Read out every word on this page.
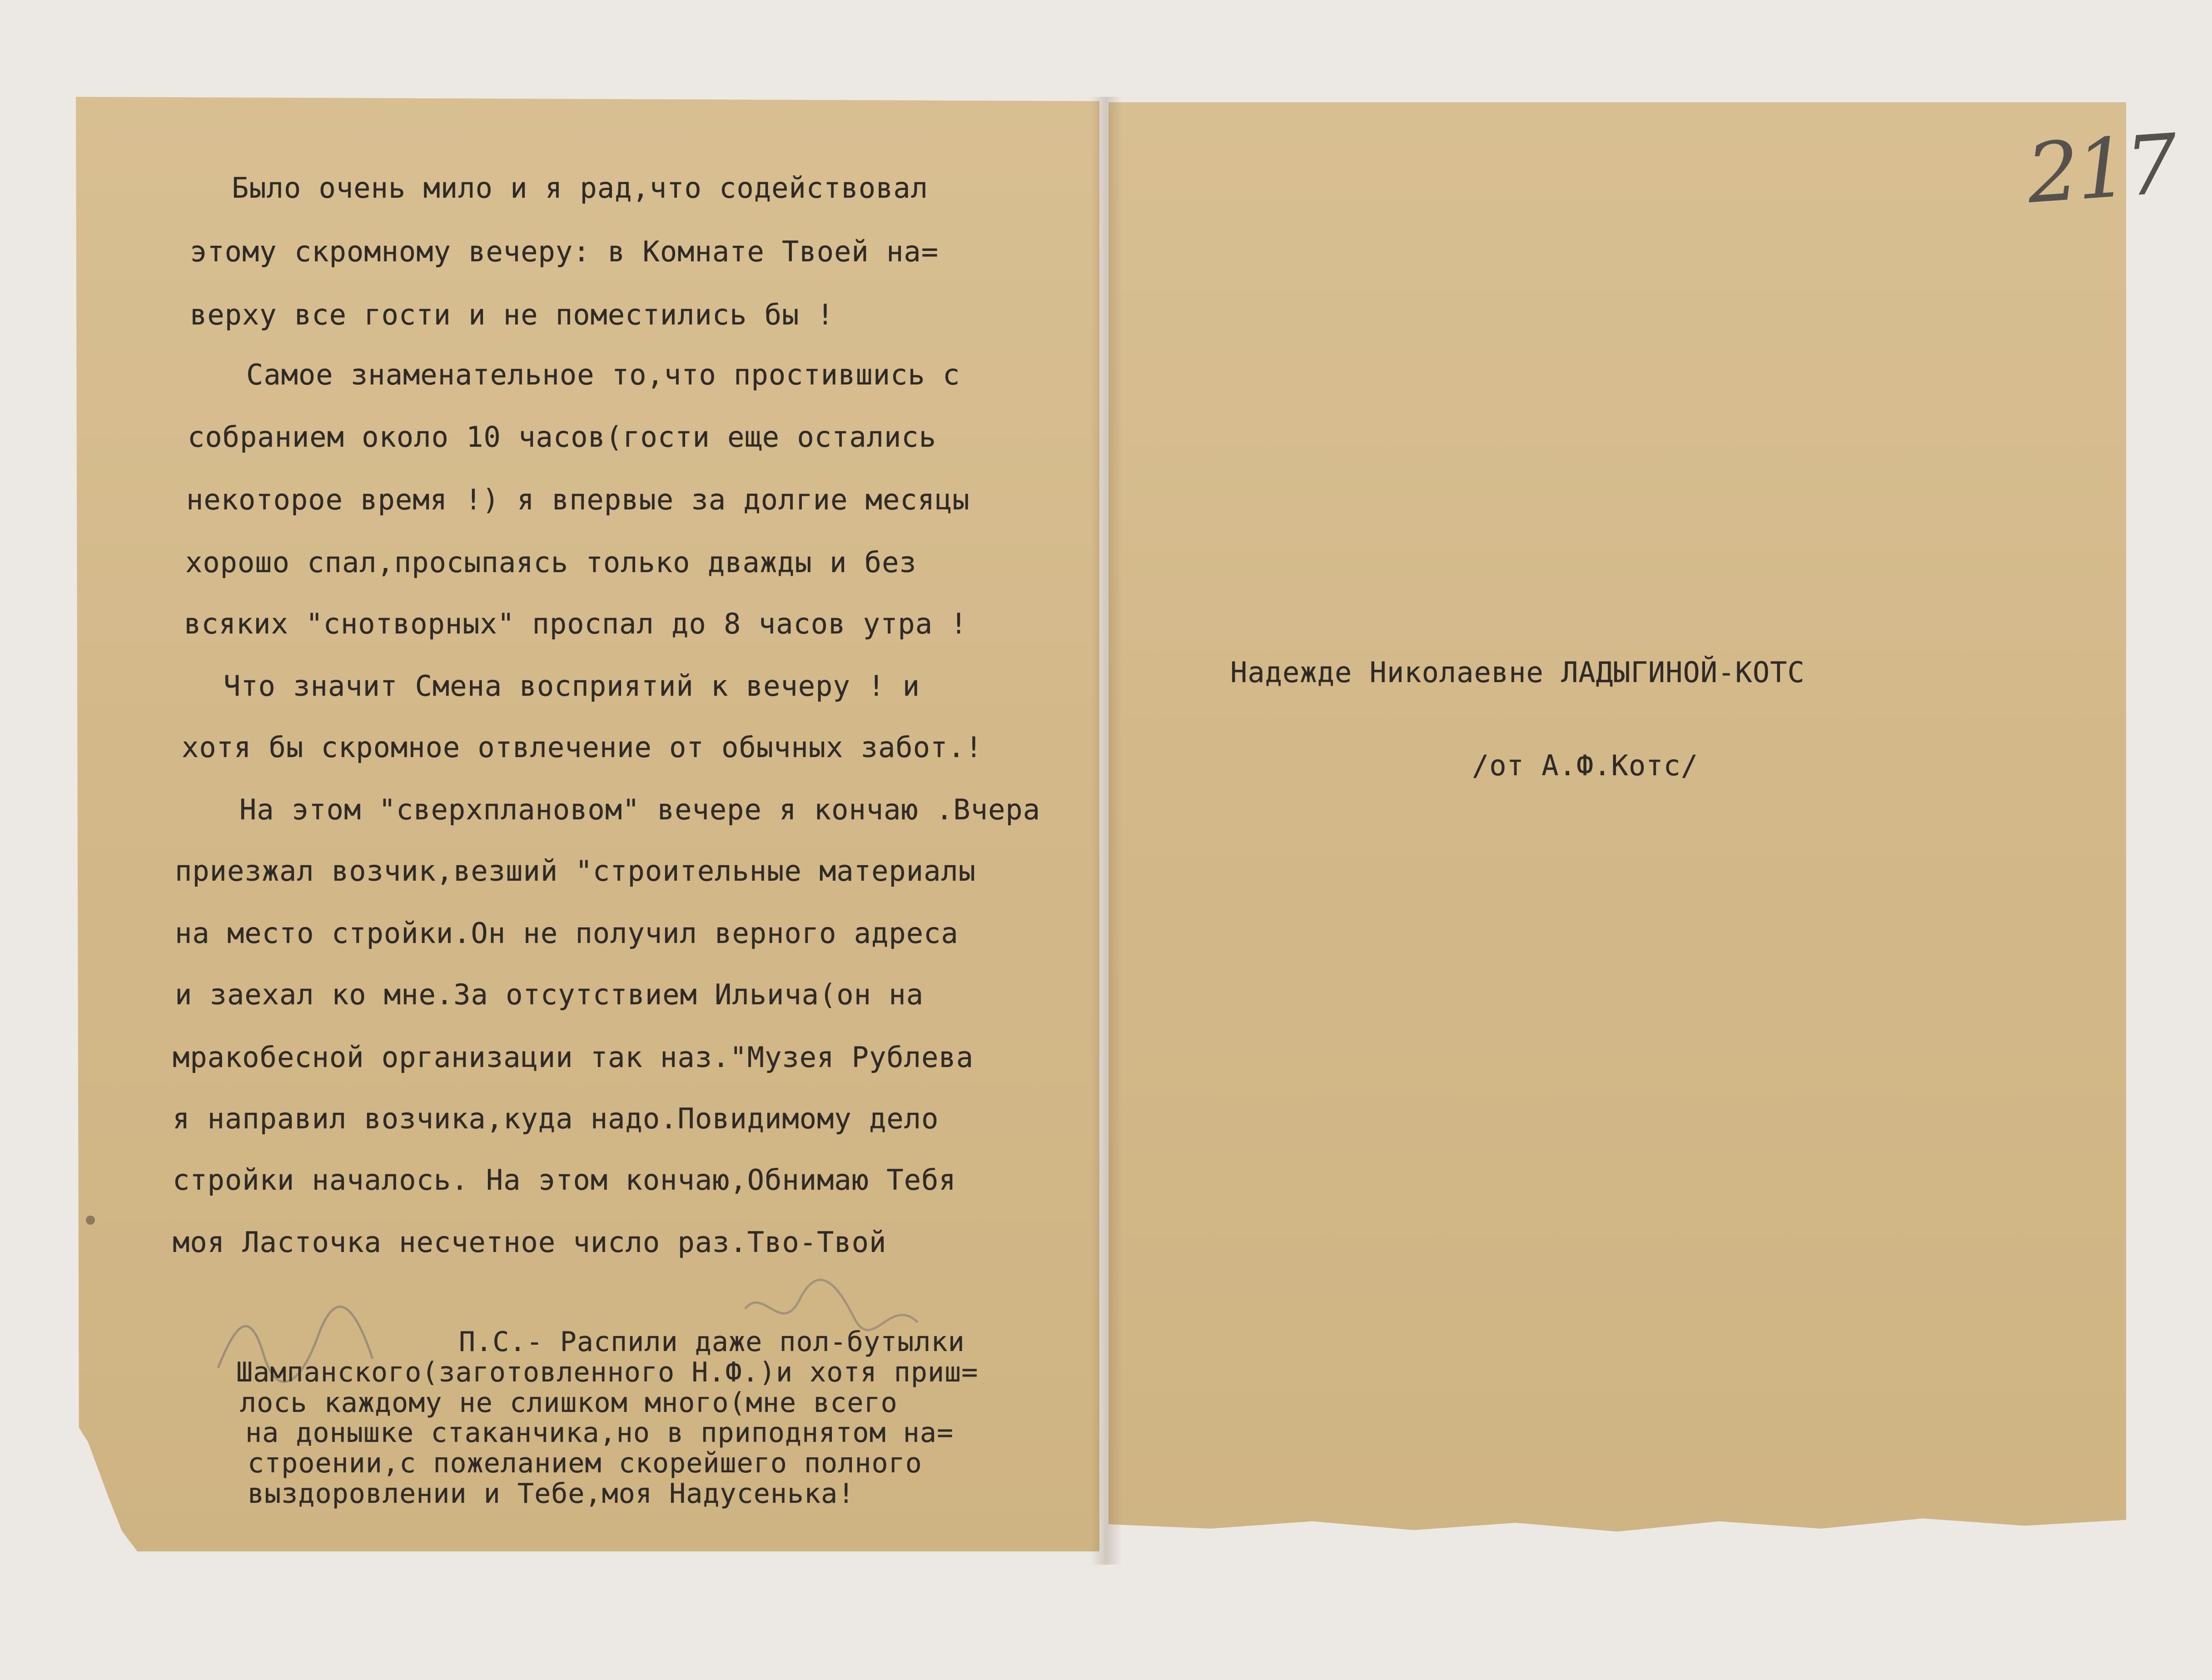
217
Было очень мило и я рад,что содействовал
этому скромному вечеру: в Комнате Твоей на=
верху все гости и не поместились бы !
Самое знаменательное то,что простившись с
собранием около 10 часов(гости еще остались
некоторое время !) я впервые за долгие месяцы
хорошо спал,просыпаясь только дважды и без
всяких "снотворных" проспал до 8 часов утра !
Что значит Смена восприятий к вечеру ! и
хотя бы скромное отвлечение от обычных забот.!
На этом "сверхплановом" вечере я кончаю .Вчера
приезжал возчик,везший "строительные материалы
на место стройки.Он не получил верного адреса
и заехал ко мне.За отсутствием Ильича(он на
мракобесной организации так наз."Музея Рублева
я направил возчика,куда надо.Повидимому дело
стройки началось. На этом кончаю,Обнимаю Тебя
моя Ласточка несчетное число раз.Тво-Твой
П.С.- Распили даже пол-бутылки
Шампанского(заготовленного Н.Ф.)и хотя приш=
лось каждому не слишком много(мне всего
на донышке стаканчика,но в приподнятом на=
строении,с пожеланием скорейшего полного
выздоровлении и Тебе,моя Надусенька!
Надежде Николаевне ЛАДЫГИНОЙ-КОТС
/от А.Ф.Котс/
